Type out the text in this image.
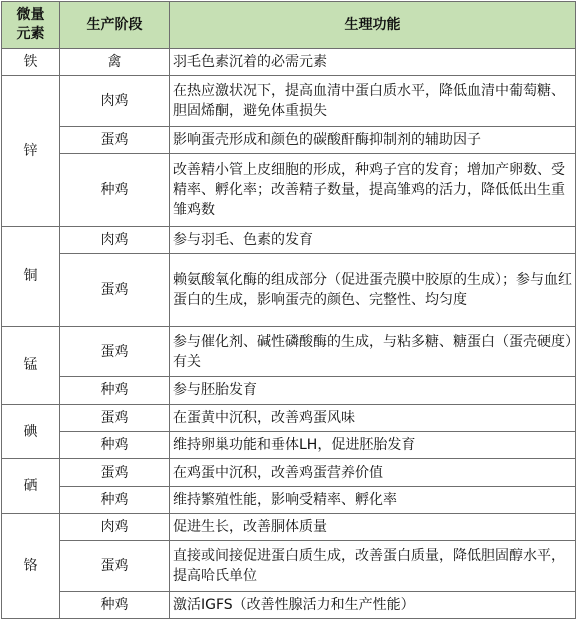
微量
元素	生产阶段	生理功能
铁	禽	羽毛色素沉着的必需元素
锌	肉鸡	在热应激状况下，提高血清中蛋白质水平，降低血清中葡萄糖、胆固烯酮，避免体重损失
	蛋鸡	影响蛋壳形成和颜色的碳酸酐酶抑制剂的辅助因子
	种鸡	改善精小管上皮细胞的形成，种鸡子宫的发育；增加产卵数、受精率、孵化率；改善精子数量，提高雏鸡的活力，降低低出生重雏鸡数
铜	肉鸡	参与羽毛、色素的发育
	蛋鸡	赖氨酸氧化酶的组成部分（促进蛋壳膜中胶原的生成）；参与血红蛋白的生成，影响蛋壳的颜色、完整性、均匀度
锰	蛋鸡	参与催化剂、碱性磷酸酶的生成，与粘多糖、糖蛋白（蛋壳硬度）有关
	种鸡	参与胚胎发育
碘	蛋鸡	在蛋黄中沉积，改善鸡蛋风味
	种鸡	维持卵巢功能和垂体LH，促进胚胎发育
硒	蛋鸡	在鸡蛋中沉积，改善鸡蛋营养价值
	种鸡	维持繁殖性能，影响受精率、孵化率
铬	肉鸡	促进生长，改善胴体质量
	蛋鸡	直接或间接促进蛋白质生成，改善蛋白质量，降低胆固醇水平，提高哈氏单位
	种鸡	激活IGFS（改善性腺活力和生产性能）
